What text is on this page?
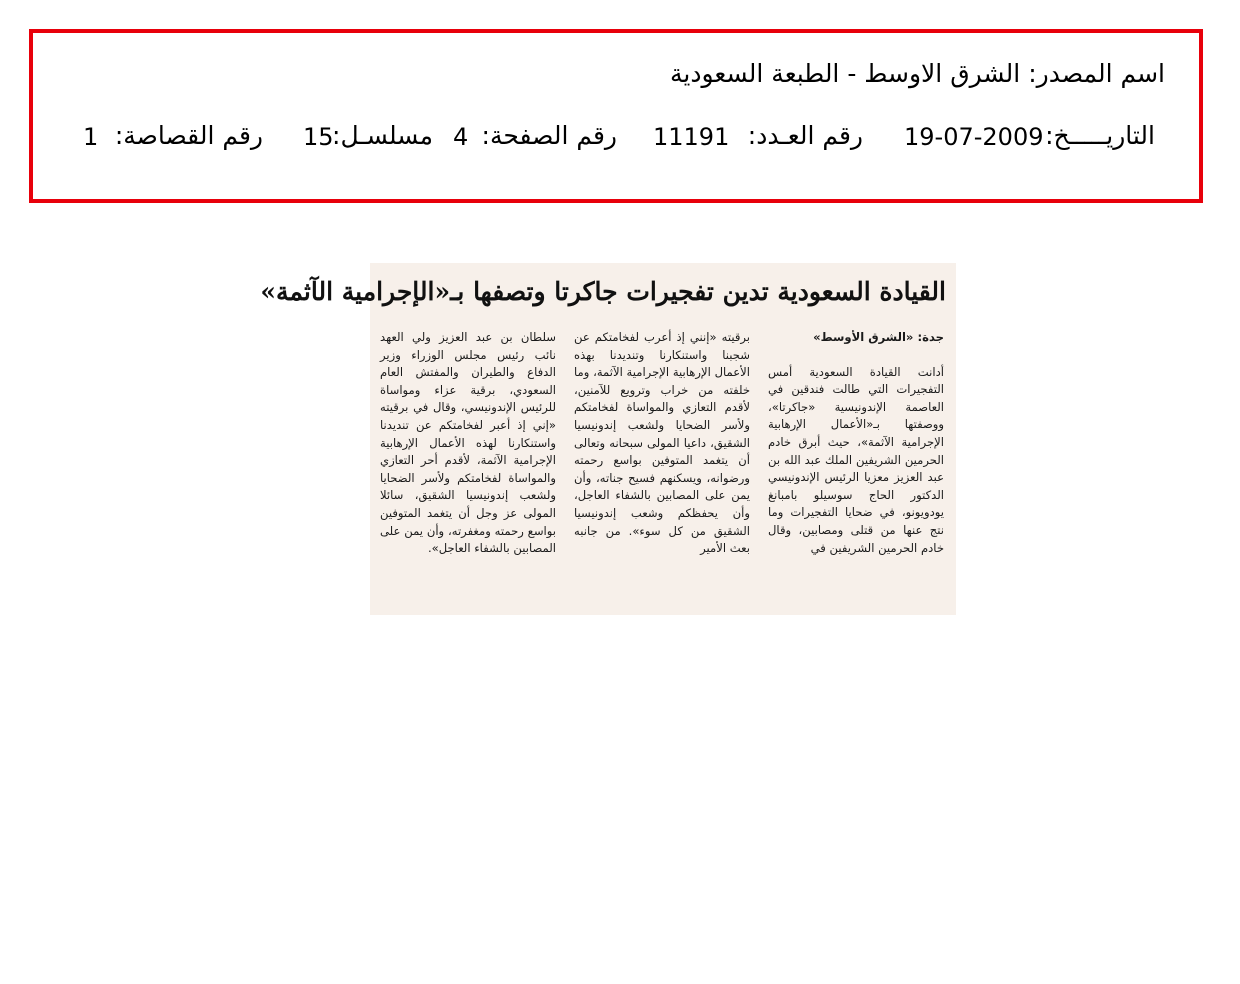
اسم المصدر: الشرق الاوسط - الطبعة السعودية
التاريـــــخ:
19-07-2009
رقم العـدد:
11191
رقم الصفحة:
4
مسلسـل:
15
رقم القصاصة:
1
القيادة السعودية تدين تفجيرات جاكرتا وتصفها بـ«الإجرامية الآثمة»
جدة: «الشرق الأوسط»
أدانت القيادة السعودية أمس التفجيرات التي طالت فندقين في العاصمة الإندونيسية «جاكرتا»، ووصفتها بـ«الأعمال الإرهابية الإجرامية الآثمة»، حيث أبرق خادم الحرمين الشريفين الملك عبد الله بن عبد العزيز معزيا الرئيس الإندونيسي الدكتور الحاج سوسيلو بامبانغ يودويونو، في ضحايا التفجيرات وما نتج عنها من قتلى ومصابين، وقال خادم الحرمين الشريفين في
برقيته «إنني إذ أعرب لفخامتكم عن شجبنا واستنكارنا وتنديدنا بهذه الأعمال الإرهابية الإجرامية الآثمة، وما خلفته من خراب وترويع للآمنين، لأقدم التعازي والمواساة لفخامتكم ولأسر الضحايا ولشعب إندونيسيا الشقيق، داعيا المولى سبحانه وتعالى أن يتغمد المتوفين بواسع رحمته ورضوانه، ويسكنهم فسيح جناته، وأن يمن على المصابين بالشفاء العاجل، وأن يحفظكم وشعب إندونيسيا الشقيق من كل سوء». من جانبه بعث الأمير
سلطان بن عبد العزيز ولي العهد نائب رئيس مجلس الوزراء وزير الدفاع والطيران والمفتش العام السعودي، برقية عزاء ومواساة للرئيس الإندونيسي، وقال في برقيته «إني إذ أعبر لفخامتكم عن تنديدنا واستنكارنا لهذه الأعمال الإرهابية الإجرامية الآثمة، لأقدم أحر التعازي والمواساة لفخامتكم ولأسر الضحايا ولشعب إندونيسيا الشقيق، سائلا المولى عز وجل أن يتغمد المتوفين بواسع رحمته ومغفرته، وأن يمن على المصابين بالشفاء العاجل».
